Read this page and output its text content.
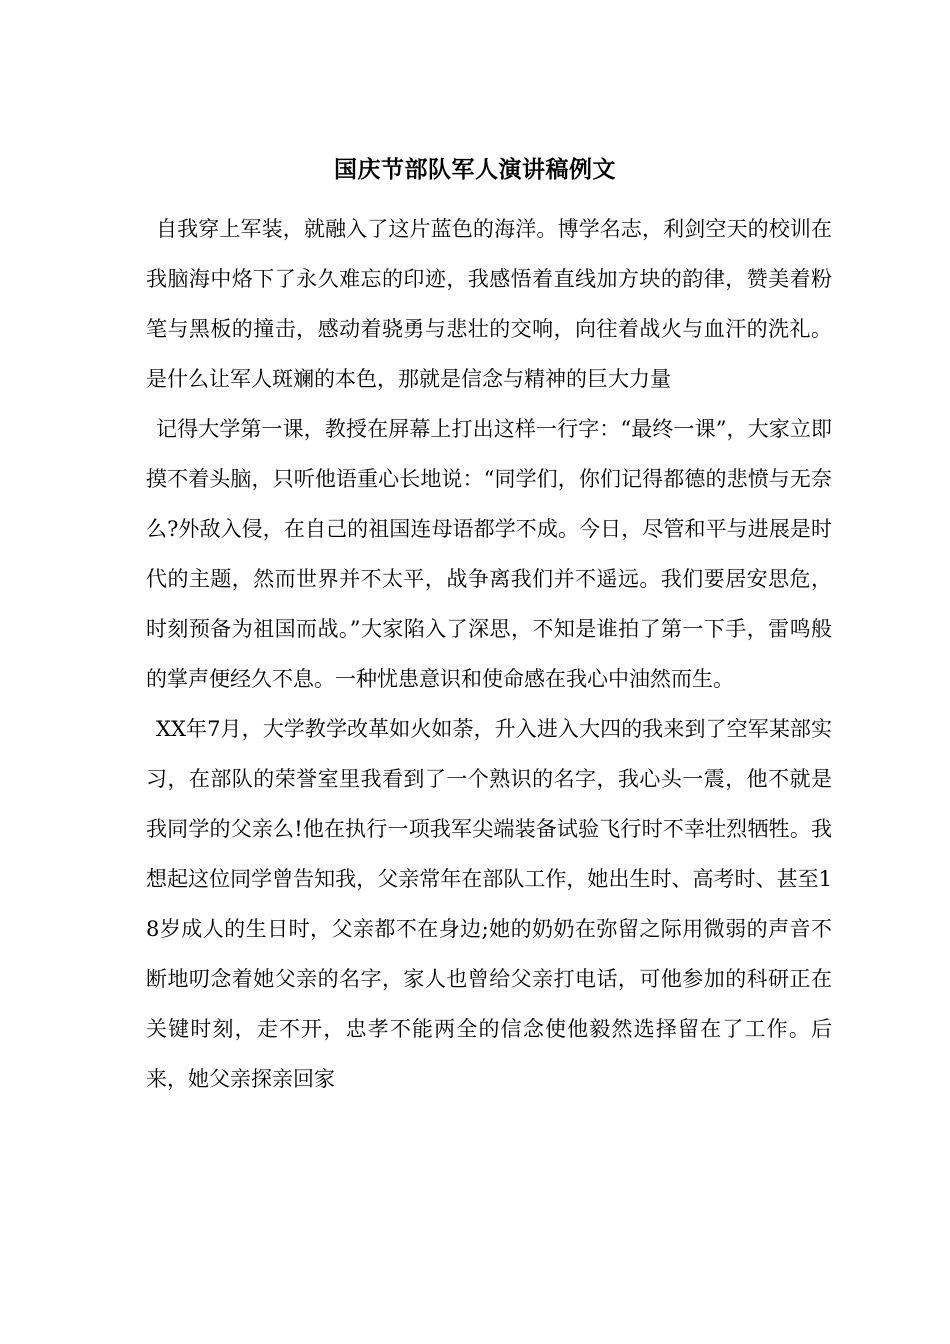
国庆节部队军人演讲稿例文

自我穿上军装，就融入了这片蓝色的海洋。博学名志，利剑空天的校训在我脑海中烙下了永久难忘的印迹，我感悟着直线加方块的韵律，赞美着粉笔与黑板的撞击，感动着骁勇与悲壮的交响，向往着战火与血汗的洗礼。是什么让军人斑斓的本色，那就是信念与精神的巨大力量

记得大学第一课，教授在屏幕上打出这样一行字：“最终一课”，大家立即摸不着头脑，只听他语重心长地说：“同学们，你们记得都德的悲愤与无奈么?外敌入侵，在自己的祖国连母语都学不成。今日，尽管和平与进展是时代的主题，然而世界并不太平，战争离我们并不遥远。我们要居安思危，时刻预备为祖国而战。”大家陷入了深思，不知是谁拍了第一下手，雷鸣般的掌声便经久不息。一种忧患意识和使命感在我心中油然而生。

XX年7月，大学教学改革如火如荼，升入进入大四的我来到了空军某部实习，在部队的荣誉室里我看到了一个熟识的名字，我心头一震，他不就是我同学的父亲么!他在执行一项我军尖端装备试验飞行时不幸壮烈牺牲。我想起这位同学曾告知我，父亲常年在部队工作，她出生时、高考时、甚至18岁成人的生日时，父亲都不在身边;她的奶奶在弥留之际用微弱的声音不断地叨念着她父亲的名字，家人也曾给父亲打电话，可他参加的科研正在关键时刻，走不开，忠孝不能两全的信念使他毅然选择留在了工作。后来，她父亲探亲回家
